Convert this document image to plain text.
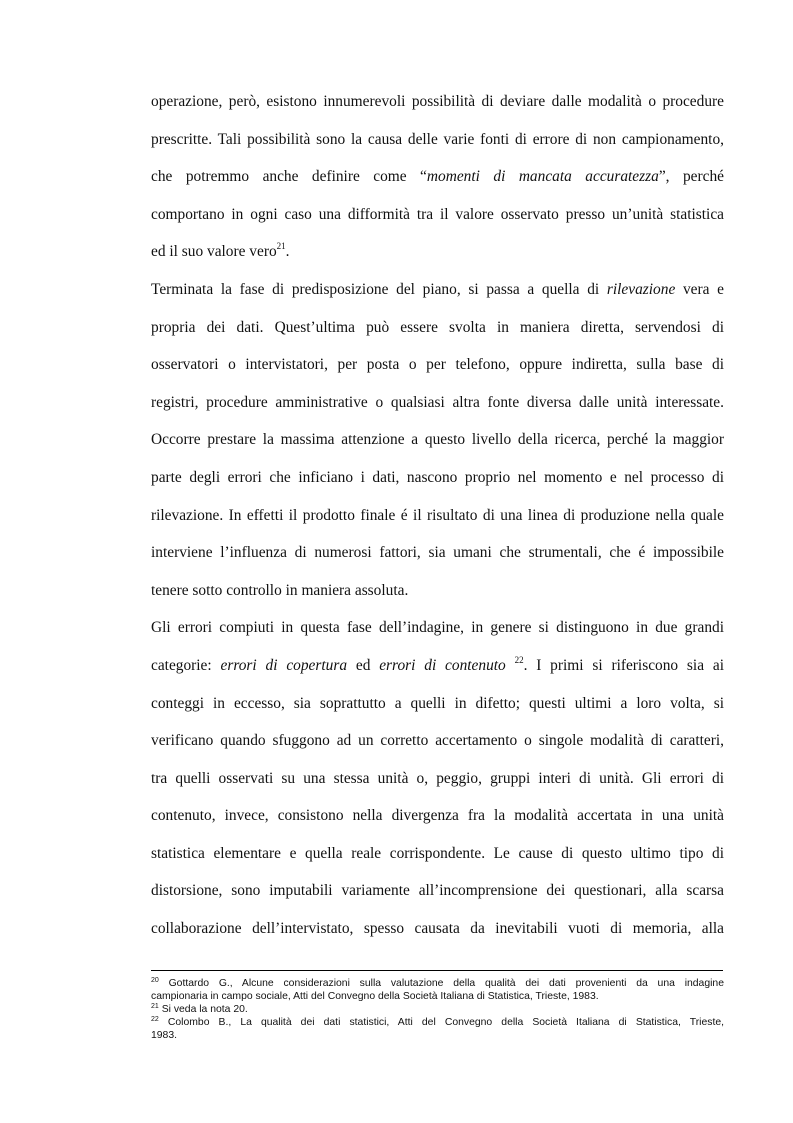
operazione, però, esistono innumerevoli possibilità di deviare dalle modalità o procedure
prescritte. Tali possibilità sono la causa delle varie fonti di errore di non campionamento,
che potremmo anche definire come “momenti di mancata accuratezza”, perché
comportano in ogni caso una difformità tra il valore osservato presso un’unità statistica
ed il suo valore vero$^{21}$.
Terminata la fase di predisposizione del piano, si passa a quella di rilevazione vera e
propria dei dati. Quest’ultima può essere svolta in maniera diretta, servendosi di
osservatori o intervistatori, per posta o per telefono, oppure indiretta, sulla base di
registri, procedure amministrative o qualsiasi altra fonte diversa dalle unità interessate.
Occorre prestare la massima attenzione a questo livello della ricerca, perché la maggior
parte degli errori che inficiano i dati, nascono proprio nel momento e nel processo di
rilevazione. In effetti il prodotto finale é il risultato di una linea di produzione nella quale
interviene l’influenza di numerosi fattori, sia umani che strumentali, che é impossibile
tenere sotto controllo in maniera assoluta.
Gli errori compiuti in questa fase dell’indagine, in genere si distinguono in due grandi
categorie: errori di copertura ed errori di contenuto $^{22}$. I primi si riferiscono sia ai
conteggi in eccesso, sia soprattutto a quelli in difetto; questi ultimi a loro volta, si
verificano quando sfuggono ad un corretto accertamento o singole modalità di caratteri,
tra quelli osservati su una stessa unità o, peggio, gruppi interi di unità. Gli errori di
contenuto, invece, consistono nella divergenza fra la modalità accertata in una unità
statistica elementare e quella reale corrispondente. Le cause di questo ultimo tipo di
distorsione, sono imputabili variamente all’incomprensione dei questionari, alla scarsa
collaborazione dell’intervistato, spesso causata da inevitabili vuoti di memoria, alla
$^{20}$ Gottardo G., Alcune considerazioni sulla valutazione della qualità dei dati provenienti da una indagine
campionaria in campo sociale, Atti del Convegno della Società Italiana di Statistica, Trieste, 1983.
$^{21}$ Si veda la nota 20.
$^{22}$ Colombo B., La qualità dei dati statistici, Atti del Convegno della Società Italiana di Statistica, Trieste,
1983.
